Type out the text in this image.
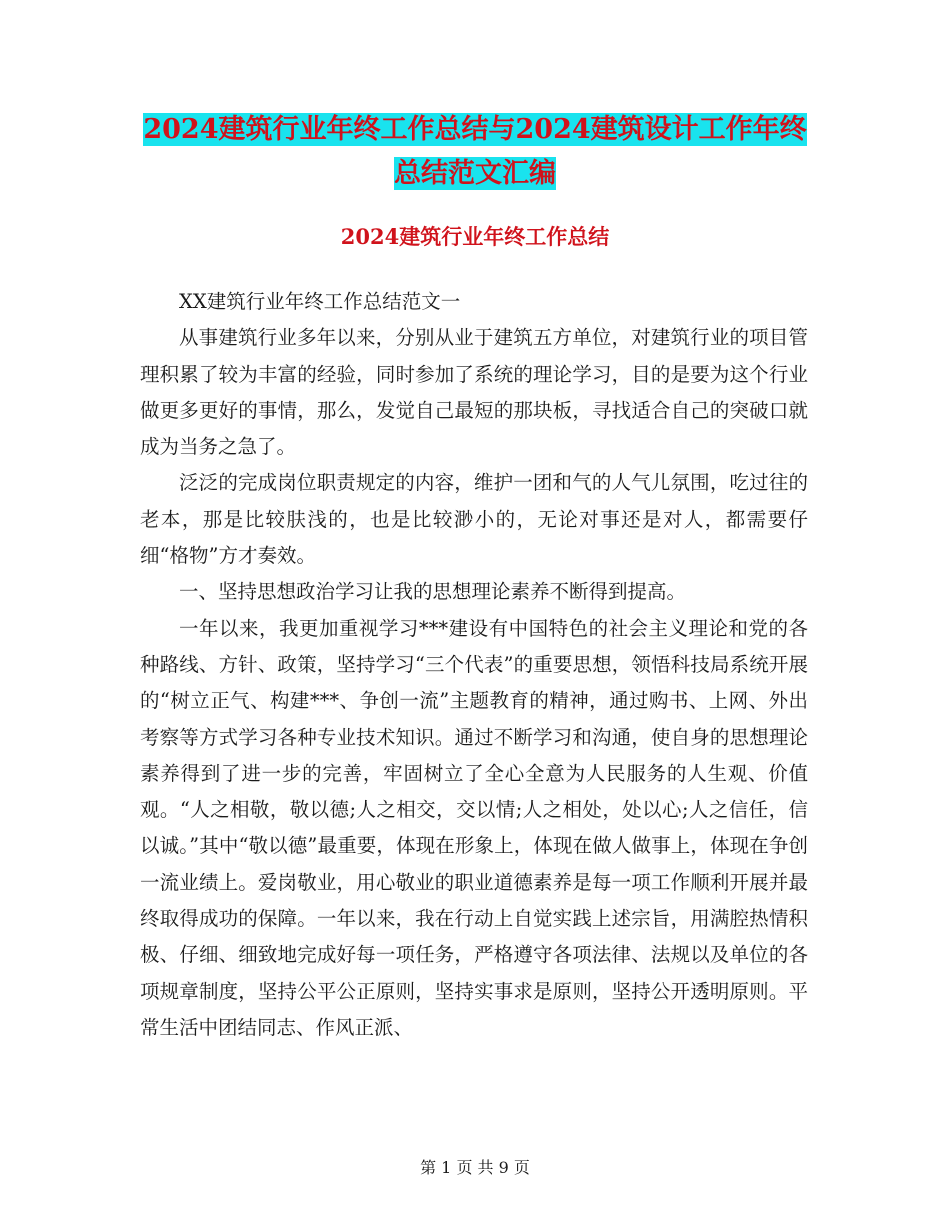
2024建筑行业年终工作总结与2024建筑设计工作年终
总结范文汇编
2024建筑行业年终工作总结

XX建筑行业年终工作总结范文一

从事建筑行业多年以来，分别从业于建筑五方单位，对建筑行业的项目管理积累了较为丰富的经验，同时参加了系统的理论学习，目的是要为这个行业做更多更好的事情，那么，发觉自己最短的那块板，寻找适合自己的突破口就成为当务之急了。

泛泛的完成岗位职责规定的内容，维护一团和气的人气儿氛围，吃过往的老本，那是比较肤浅的，也是比较渺小的，无论对事还是对人，都需要仔细“格物”方才奏效。

一、坚持思想政治学习让我的思想理论素养不断得到提高。

一年以来，我更加重视学习***建设有中国特色的社会主义理论和党的各种路线、方针、政策，坚持学习“三个代表”的重要思想，领悟科技局系统开展的“树立正气、构建***、争创一流”主题教育的精神，通过购书、上网、外出考察等方式学习各种专业技术知识。通过不断学习和沟通，使自身的思想理论素养得到了进一步的完善，牢固树立了全心全意为人民服务的人生观、价值观。“人之相敬，敬以德;人之相交，交以情;人之相处，处以心;人之信任，信以诚。”其中“敬以德”最重要，体现在形象上，体现在做人做事上，体现在争创一流业绩上。爱岗敬业，用心敬业的职业道德素养是每一项工作顺利开展并最终取得成功的保障。一年以来，我在行动上自觉实践上述宗旨，用满腔热情积极、仔细、细致地完成好每一项任务，严格遵守各项法律、法规以及单位的各项规章制度，坚持公平公正原则，坚持实事求是原则，坚持公开透明原则。平常生活中团结同志、作风正派、

第 1 页 共 9 页
